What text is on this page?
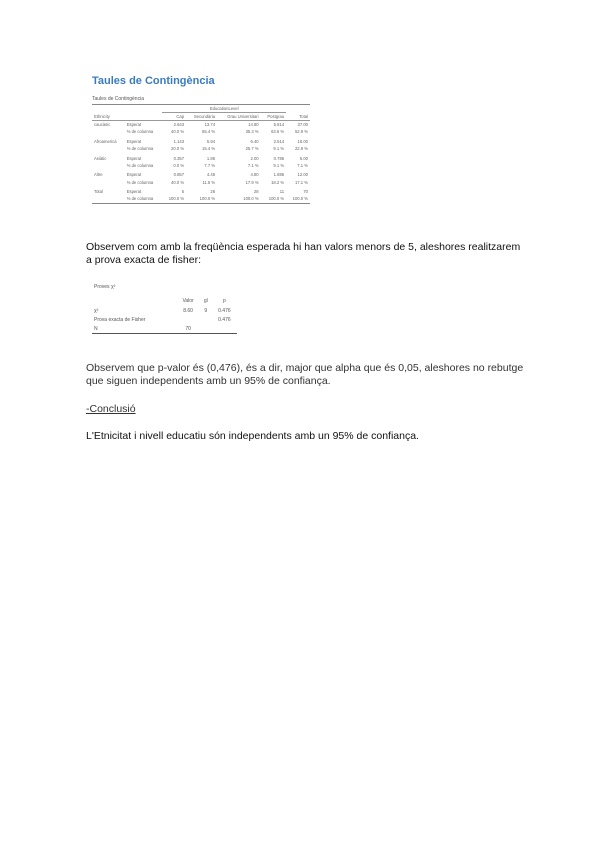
Taules de Contingència
Taules de Contingència
		EducationLevel				
Ethnicity		Cap	Secundària	Grau Universitari	Postgrau	Total
caucàsic	Esperat	2.643	13.74	14.80	5.814	37.00
	% de columna	40.0 %	65.4 %	35.3 %	63.6 %	52.9 %
Afroamericà	Esperat	1.143	5.94	6.40	2.514	16.00
	% de columna	20.0 %	15.4 %	25.7 %	9.1 %	22.9 %
Asiàtic	Esperat	0.357	1.86	2.00	0.786	5.00
	% de columna	0.0 %	7.7 %	7.1 %	9.1 %	7.1 %
Altre	Esperat	0.857	4.46	4.80	1.886	12.00
	% de columna	40.0 %	11.5 %	17.9 %	18.2 %	17.1 %
Total	Esperat	5	26	28	11	70
	% de columna	100.0 %	100.0 %	100.0 %	100.0 %	100.0 %
Observem com amb la freqüència esperada hi han valors menors de 5, aleshores realitzarem a prova exacta de fisher:
Proves χ²			
	Valor	gl	p
χ²	8.60	9	0.476
Prova exacta de Fisher			0.476
N	70		
Observem que p-valor és (0,476), és a dir, major que alpha que és 0,05, aleshores no rebutge que siguen independents amb un 95% de confiança.
-Conclusió
L'Etnicitat i nivell educatiu són independents amb un 95% de confiança.
